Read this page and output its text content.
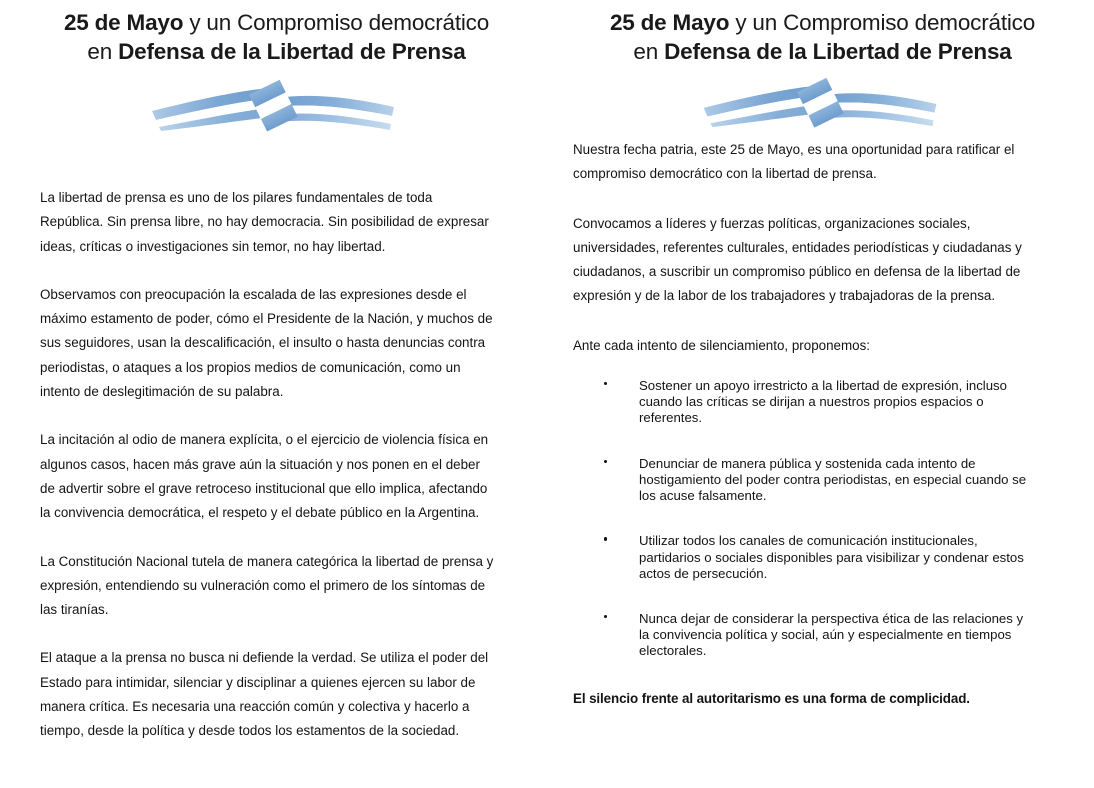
25 de Mayo y un Compromiso democrático
en Defensa de la Libertad de Prensa

La libertad de prensa es uno de los pilares fundamentales de toda República. Sin prensa libre, no hay democracia. Sin posibilidad de expresar ideas, críticas o investigaciones sin temor, no hay libertad.

Observamos con preocupación la escalada de las expresiones desde el máximo estamento de poder, cómo el Presidente de la Nación, y muchos de sus seguidores, usan la descalificación, el insulto o hasta denuncias contra periodistas, o ataques a los propios medios de comunicación, como un intento de deslegitimación de su palabra.

La incitación al odio de manera explícita, o el ejercicio de violencia física en algunos casos, hacen más grave aún la situación y nos ponen en el deber de advertir sobre el grave retroceso institucional que ello implica, afectando la convivencia democrática, el respeto y el debate público en la Argentina.

La Constitución Nacional tutela de manera categórica la libertad de prensa y expresión, entendiendo su vulneración como el primero de los síntomas de las tiranías.

El ataque a la prensa no busca ni defiende la verdad. Se utiliza el poder del Estado para intimidar, silenciar y disciplinar a quienes ejercen su labor de manera crítica. Es necesaria una reacción común y colectiva y hacerlo a tiempo, desde la política y desde todos los estamentos de la sociedad.

25 de Mayo y un Compromiso democrático
en Defensa de la Libertad de Prensa

Nuestra fecha patria, este 25 de Mayo, es una oportunidad para ratificar el compromiso democrático con la libertad de prensa.

Convocamos a líderes y fuerzas políticas, organizaciones sociales, universidades, referentes culturales, entidades periodísticas y ciudadanas y ciudadanos, a suscribir un compromiso público en defensa de la libertad de expresión y de la labor de los trabajadores y trabajadoras de la prensa.

Ante cada intento de silenciamiento, proponemos:

Sostener un apoyo irrestricto a la libertad de expresión, incluso cuando las críticas se dirijan a nuestros propios espacios o referentes.
Denunciar de manera pública y sostenida cada intento de hostigamiento del poder contra periodistas, en especial cuando se los acuse falsamente.
Utilizar todos los canales de comunicación institucionales, partidarios o sociales disponibles para visibilizar y condenar estos actos de persecución.
Nunca dejar de considerar la perspectiva ética de las relaciones y la convivencia política y social, aún y especialmente en tiempos electorales.

El silencio frente al autoritarismo es una forma de complicidad.
